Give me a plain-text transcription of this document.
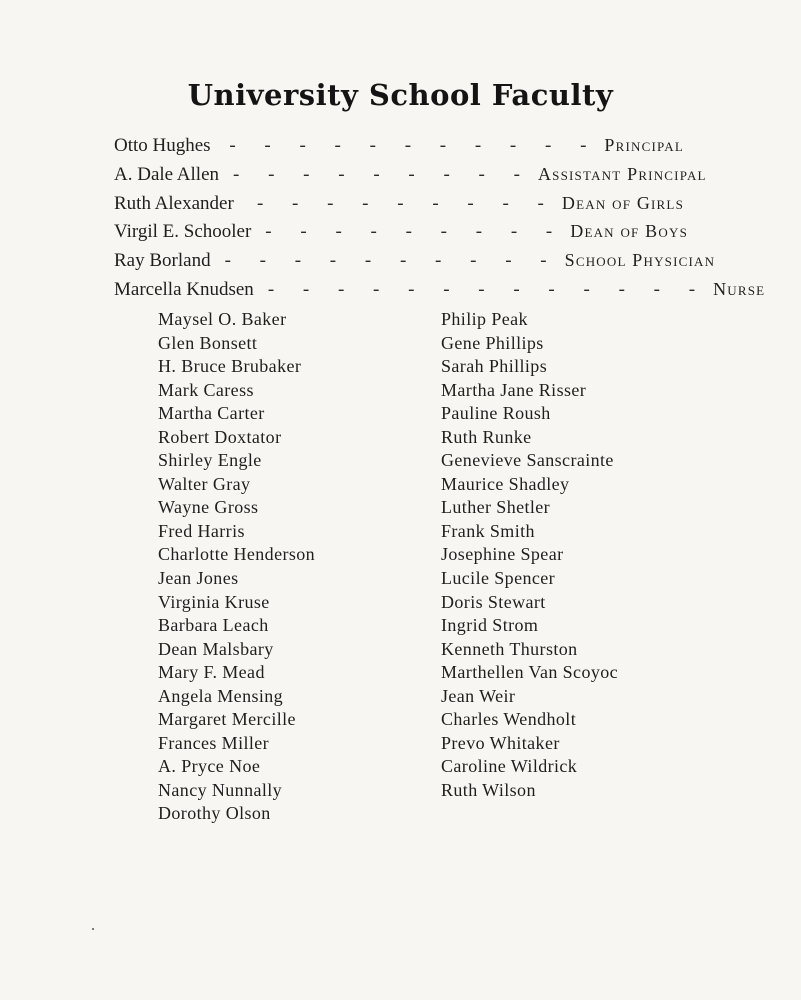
University School Faculty
Otto Hughes - - - - - - - - - - - Principal
A. Dale Allen - - - - - - - - - Assistant Principal
Ruth Alexander	- - - - - - - - - Dean of Girls
Virgil E. Schooler - - - - - - - - - Dean of Boys
Ray Borland - - - - - - - - - - School Physician
Marcella Knudsen - - - - - - - - - - - - - Nurse
Maysel O. Baker
Glen Bonsett
H. Bruce Brubaker
Mark Caress
Martha Carter
Robert Doxtator
Shirley Engle
Walter Gray
Wayne Gross
Fred Harris
Charlotte Henderson
Jean Jones
Virginia Kruse
Barbara Leach
Dean Malsbary
Mary F. Mead
Angela Mensing
Margaret Mercille
Frances Miller
A. Pryce Noe
Nancy Nunnally
Dorothy Olson
Philip Peak
Gene Phillips
Sarah Phillips
Martha Jane Risser
Pauline Roush
Ruth Runke
Genevieve Sanscrainte
Maurice Shadley
Luther Shetler
Frank Smith
Josephine Spear
Lucile Spencer
Doris Stewart
Ingrid Strom
Kenneth Thurston
Marthellen Van Scoyoc
Jean Weir
Charles Wendholt
Prevo Whitaker
Caroline Wildrick
Ruth Wilson
